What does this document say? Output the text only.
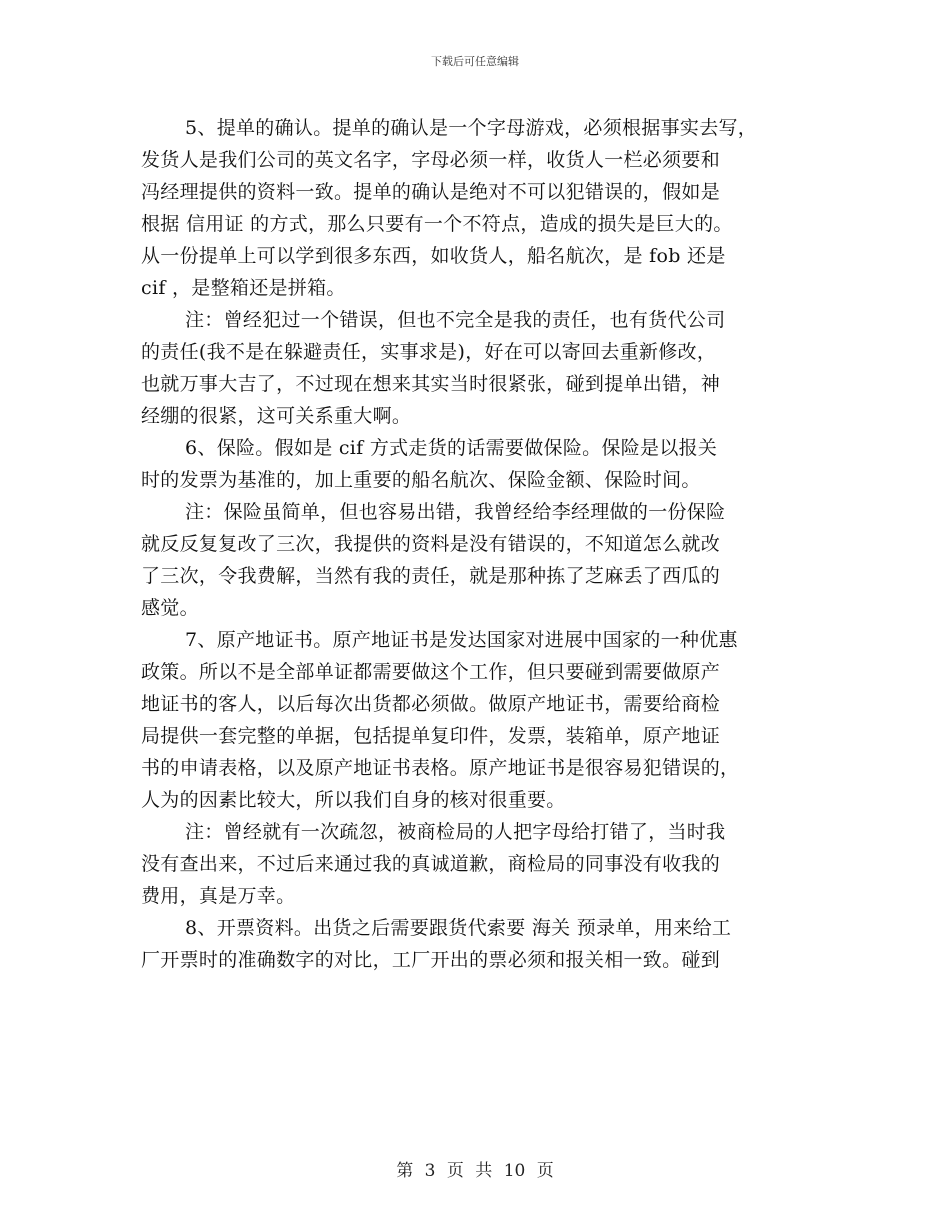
下载后可任意编辑

5、提单的确认。提单的确认是一个字母游戏，必须根据事实去写，
发货人是我们公司的英文名字，字母必须一样，收货人一栏必须要和
冯经理提供的资料一致。提单的确认是绝对不可以犯错误的，假如是
根据 信用证 的方式，那么只要有一个不符点，造成的损失是巨大的。
从一份提单上可以学到很多东西，如收货人，船名航次，是 fob 还是
cif ，是整箱还是拼箱。

注：曾经犯过一个错误，但也不完全是我的责任，也有货代公司
的责任(我不是在躲避责任，实事求是)，好在可以寄回去重新修改，
也就万事大吉了，不过现在想来其实当时很紧张，碰到提单出错，神
经绷的很紧，这可关系重大啊。

6、保险。假如是 cif 方式走货的话需要做保险。保险是以报关
时的发票为基准的，加上重要的船名航次、保险金额、保险时间。

注：保险虽简单，但也容易出错，我曾经给李经理做的一份保险
就反反复复改了三次，我提供的资料是没有错误的，不知道怎么就改
了三次，令我费解，当然有我的责任，就是那种拣了芝麻丢了西瓜的
感觉。

7、原产地证书。原产地证书是发达国家对进展中国家的一种优惠
政策。所以不是全部单证都需要做这个工作，但只要碰到需要做原产
地证书的客人，以后每次出货都必须做。做原产地证书，需要给商检
局提供一套完整的单据，包括提单复印件，发票，装箱单，原产地证
书的申请表格，以及原产地证书表格。原产地证书是很容易犯错误的，
人为的因素比较大，所以我们自身的核对很重要。

注：曾经就有一次疏忽，被商检局的人把字母给打错了，当时我
没有查出来，不过后来通过我的真诚道歉，商检局的同事没有收我的
费用，真是万幸。

8、开票资料。出货之后需要跟货代索要 海关 预录单，用来给工
厂开票时的准确数字的对比，工厂开出的票必须和报关相一致。碰到

第 3 页 共 10 页
